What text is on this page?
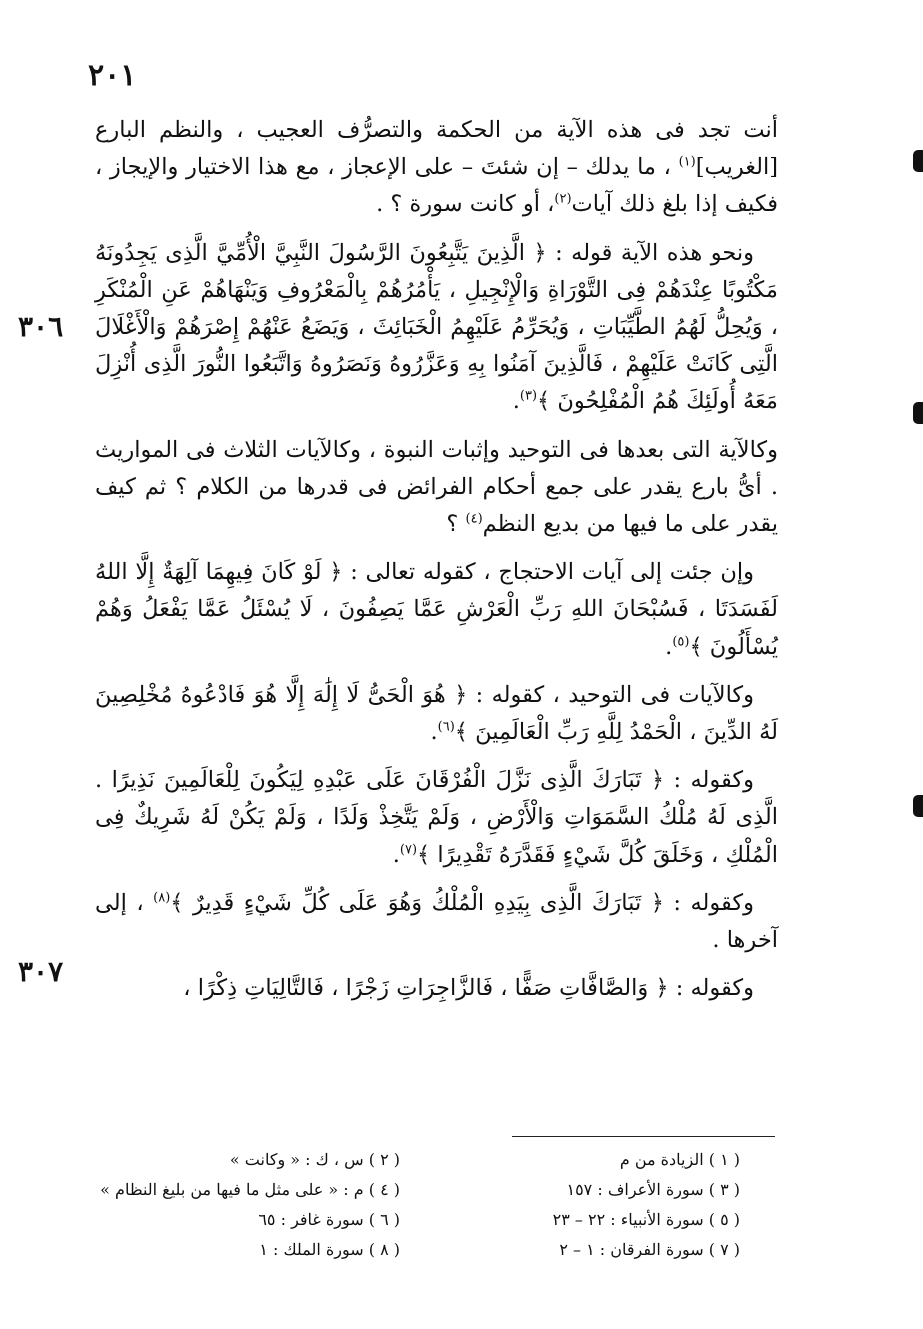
٢٠١
٣٠٦
٣٠٧

أنت تجد فى هذه الآية من الحكمة والتصرُّف العجيب ، والنظم البارع [الغريب]$^{(١)}$ ، ما يدلك – إن شئتَ – على الإعجاز ، مع هذا الاختيار والإيجاز ، فكيف إذا بلغ ذلك آيات$^{(٢)}$، أو كانت سورة ؟ .

ونحو هذه الآية قوله : ﴿ الَّذِينَ يَتَّبِعُونَ الرَّسُولَ النَّبِيَّ الْأُمِّيَّ الَّذِى يَجِدُونَهُ مَكْتُوبًا عِنْدَهُمْ فِى التَّوْرَاةِ وَالْإِنْجِيلِ ، يَأْمُرُهُمْ بِالْمَعْرُوفِ وَيَنْهَاهُمْ عَنِ الْمُنْكَرِ ، وَيُحِلُّ لَهُمُ الطَّيِّبَاتِ ، وَيُحَرِّمُ عَلَيْهِمُ الْخَبَائِثَ ، وَيَضَعُ عَنْهُمْ إِصْرَهُمْ وَالْأَغْلَالَ الَّتِى كَانَتْ عَلَيْهِمْ ، فَالَّذِينَ آمَنُوا بِهِ وَعَزَّرُوهُ وَنَصَرُوهُ وَاتَّبَعُوا النُّورَ الَّذِى أُنْزِلَ مَعَهُ أُولَئِكَ هُمُ الْمُفْلِحُونَ ﴾$^{(٣)}$.

وكالآية التى بعدها فى التوحيد وإثبات النبوة ، وكالآيات الثلاث فى المواريث . أىُّ بارع يقدر على جمع أحكام الفرائض فى قدرها من الكلام ؟ ثم كيف يقدر على ما فيها من بديع النظم$^{(٤)}$ ؟

وإن جئت إلى آيات الاحتجاج ، كقوله تعالى : ﴿ لَوْ كَانَ فِيهِمَا آلِهَةٌ إِلَّا اللهُ لَفَسَدَتَا ، فَسُبْحَانَ اللهِ رَبِّ الْعَرْشِ عَمَّا يَصِفُونَ ، لَا يُسْئَلُ عَمَّا يَفْعَلُ وَهُمْ يُسْأَلُونَ ﴾$^{(٥)}$.

وكالآيات فى التوحيد ، كقوله : ﴿ هُوَ الْحَىُّ لَا إِلَٰهَ إِلَّا هُوَ فَادْعُوهُ مُخْلِصِينَ لَهُ الدِّينَ ، الْحَمْدُ لِلَّهِ رَبِّ الْعَالَمِينَ ﴾$^{(٦)}$.

وكقوله : ﴿ تَبَارَكَ الَّذِى نَزَّلَ الْفُرْقَانَ عَلَى عَبْدِهِ لِيَكُونَ لِلْعَالَمِينَ نَذِيرًا . الَّذِى لَهُ مُلْكُ السَّمَوَاتِ وَالْأَرْضِ ، وَلَمْ يَتَّخِذْ وَلَدًا ، وَلَمْ يَكُنْ لَهُ شَرِيكٌ فِى الْمُلْكِ ، وَخَلَقَ كُلَّ شَيْءٍ فَقَدَّرَهُ تَقْدِيرًا ﴾$^{(٧)}$.

وكقوله : ﴿ تَبَارَكَ الَّذِى بِيَدِهِ الْمُلْكُ وَهُوَ عَلَى كُلِّ شَيْءٍ قَدِيرٌ ﴾$^{(٨)}$ ، إلى آخرها .

وكقوله : ﴿ وَالصَّافَّاتِ صَفًّا ، فَالزَّاجِرَاتِ زَجْرًا ، فَالتَّالِيَاتِ ذِكْرًا ،

( ١ ) الزيادة من م
( ٢ ) س ، ك : « وكانت »
( ٣ ) سورة الأعراف : ١٥٧
( ٤ ) م : « على مثل ما فيها من بليغ النظام »
( ٥ ) سورة الأنبياء : ٢٢ – ٢٣
( ٦ ) سورة غافر : ٦٥
( ٧ ) سورة الفرقان : ١ – ٢
( ٨ ) سورة الملك : ١
